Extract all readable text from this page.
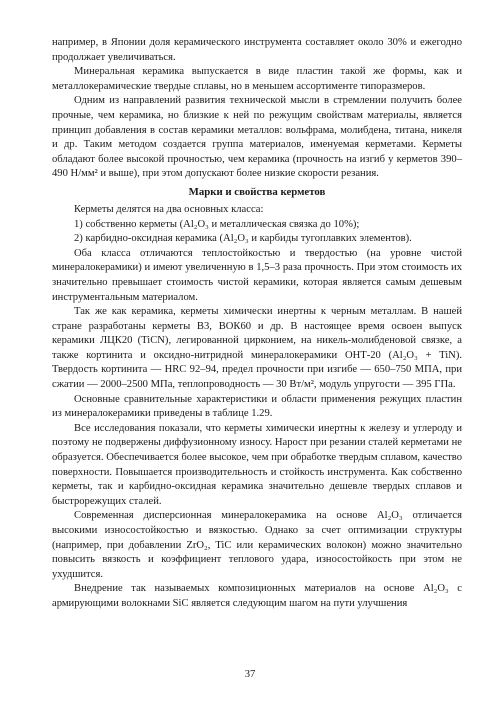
например, в Японии доля керамического инструмента составляет около 30% и ежегодно продолжает увеличиваться.

Минеральная керамика выпускается в виде пластин такой же формы, как и металлокерамические твердые сплавы, но в меньшем ассортименте типоразмеров.

Одним из направлений развития технической мысли в стремлении получить более прочные, чем керамика, но близкие к ней по режущим свойствам материалы, является принцип добавления в состав керамики металлов: вольфрама, молибдена, титана, никеля и др. Таким методом создается группа материалов, именуемая керметами. Керметы обладают более высокой прочностью, чем керамика (прочность на изгиб у керметов 390–490 Н/мм² и выше), при этом допускают более низкие скорости резания.

Марки и свойства керметов

Керметы делятся на два основных класса:

1) собственно керметы (Al₂O₃ и металлическая связка до 10%);

2) карбидно-оксидная керамика (Al₂O₃ и карбиды тугоплавких элементов).

Оба класса отличаются теплостойкостью и твердостью (на уровне чистой минералокерамики) и имеют увеличенную в 1,5–3 раза прочность. При этом стоимость их значительно превышает стоимость чистой керамики, которая является самым дешевым инструментальным материалом.

Так же как керамика, керметы химически инертны к черным металлам. В нашей стране разработаны керметы В3, ВОК60 и др. В настоящее время освоен выпуск керамики ЛЦК20 (TiCN), легированной цирконием, на никель-молибденовой связке, а также кортинита и оксидно-нитридной минералокерамики ОНТ-20 (Al₂O₃ + TiN). Твердость кортинита — HRC 92–94, предел прочности при изгибе — 650–750 МПА, при сжатии — 2000–2500 МПа, теплопроводность — 30 Вт/м², модуль упругости — 395 ГПа.

Основные сравнительные характеристики и области применения режущих пластин из минералокерамики приведены в таблице 1.29.

Все исследования показали, что керметы химически инертны к железу и углероду и поэтому не подвержены диффузионному износу. Нарост при резании сталей керметами не образуется. Обеспечивается более высокое, чем при обработке твердым сплавом, качество поверхности. Повышается производительность и стойкость инструмента. Как собственно керметы, так и карбидно-оксидная керамика значительно дешевле твердых сплавов и быстрорежущих сталей.

Современная дисперсионная минералокерамика на основе Al₂O₃ отличается высокими износостойкостью и вязкостью. Однако за счет оптимизации структуры (например, при добавлении ZrO₂, TiC или керамических волокон) можно значительно повысить вязкость и коэффициент теплового удара, износостойкость при этом не ухудшится.

Внедрение так называемых композиционных материалов на основе Al₂O₃ с армирующими волокнами SiC является следующим шагом на пути улучшения

37
